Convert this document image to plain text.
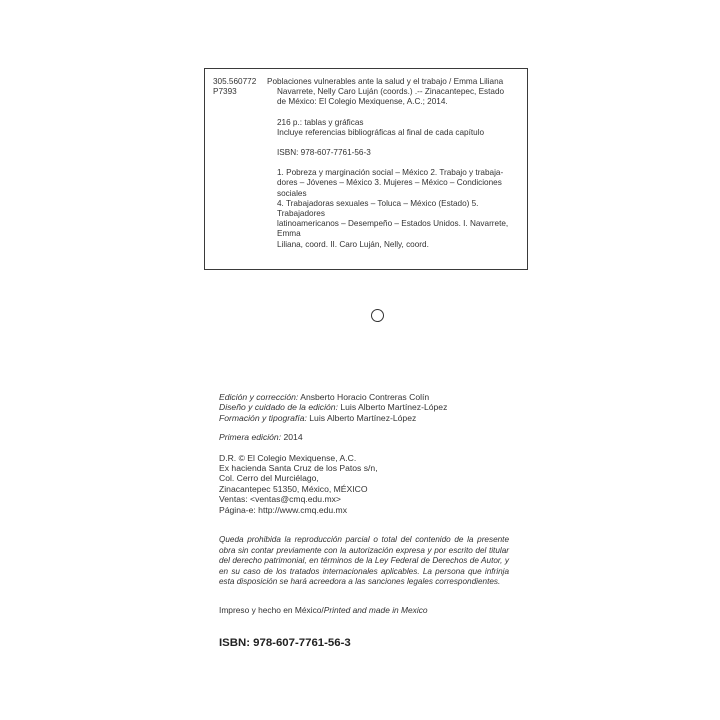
305.560772
P7393
Poblaciones vulnerables ante la salud y el trabajo / Emma Liliana
Navarrete, Nelly Caro Luján (coords.) .-- Zinacantepec, Estado
de México: El Colegio Mexiquense, A.C.; 2014.
216 p.: tablas y gráficas
Incluye referencias bibliográficas al final de cada capítulo
ISBN: 978-607-7761-56-3
1. Pobreza y marginación social – México 2. Trabajo y trabaja-
dores – Jóvenes – México 3. Mujeres – México – Condiciones sociales
4. Trabajadoras sexuales – Toluca – México (Estado) 5. Trabajadores
latinoamericanos – Desempeño – Estados Unidos. I. Navarrete, Emma
Liliana, coord. II. Caro Luján, Nelly, coord.
Edición y corrección: Ansberto Horacio Contreras Colín
Diseño y cuidado de la edición: Luis Alberto Martínez-López
Formación y tipografía: Luis Alberto Martínez-López
Primera edición: 2014
D.R. © El Colegio Mexiquense, A.C.
Ex hacienda Santa Cruz de los Patos s/n,
Col. Cerro del Murciélago,
Zinacantepec 51350, México, MÉXICO
Ventas: <ventas@cmq.edu.mx>
Página-e: http://www.cmq.edu.mx
Queda prohibida la reproducción parcial o total del contenido de la presente obra sin contar previamente con la autorización expresa y por escrito del titular del derecho patrimonial, en términos de la Ley Federal de Derechos de Autor, y en su caso de los tratados internacionales aplicables. La persona que infrinja esta disposición se hará acreedora a las sanciones legales correspondientes.
Impreso y hecho en México/Printed and made in Mexico
ISBN: 978-607-7761-56-3
